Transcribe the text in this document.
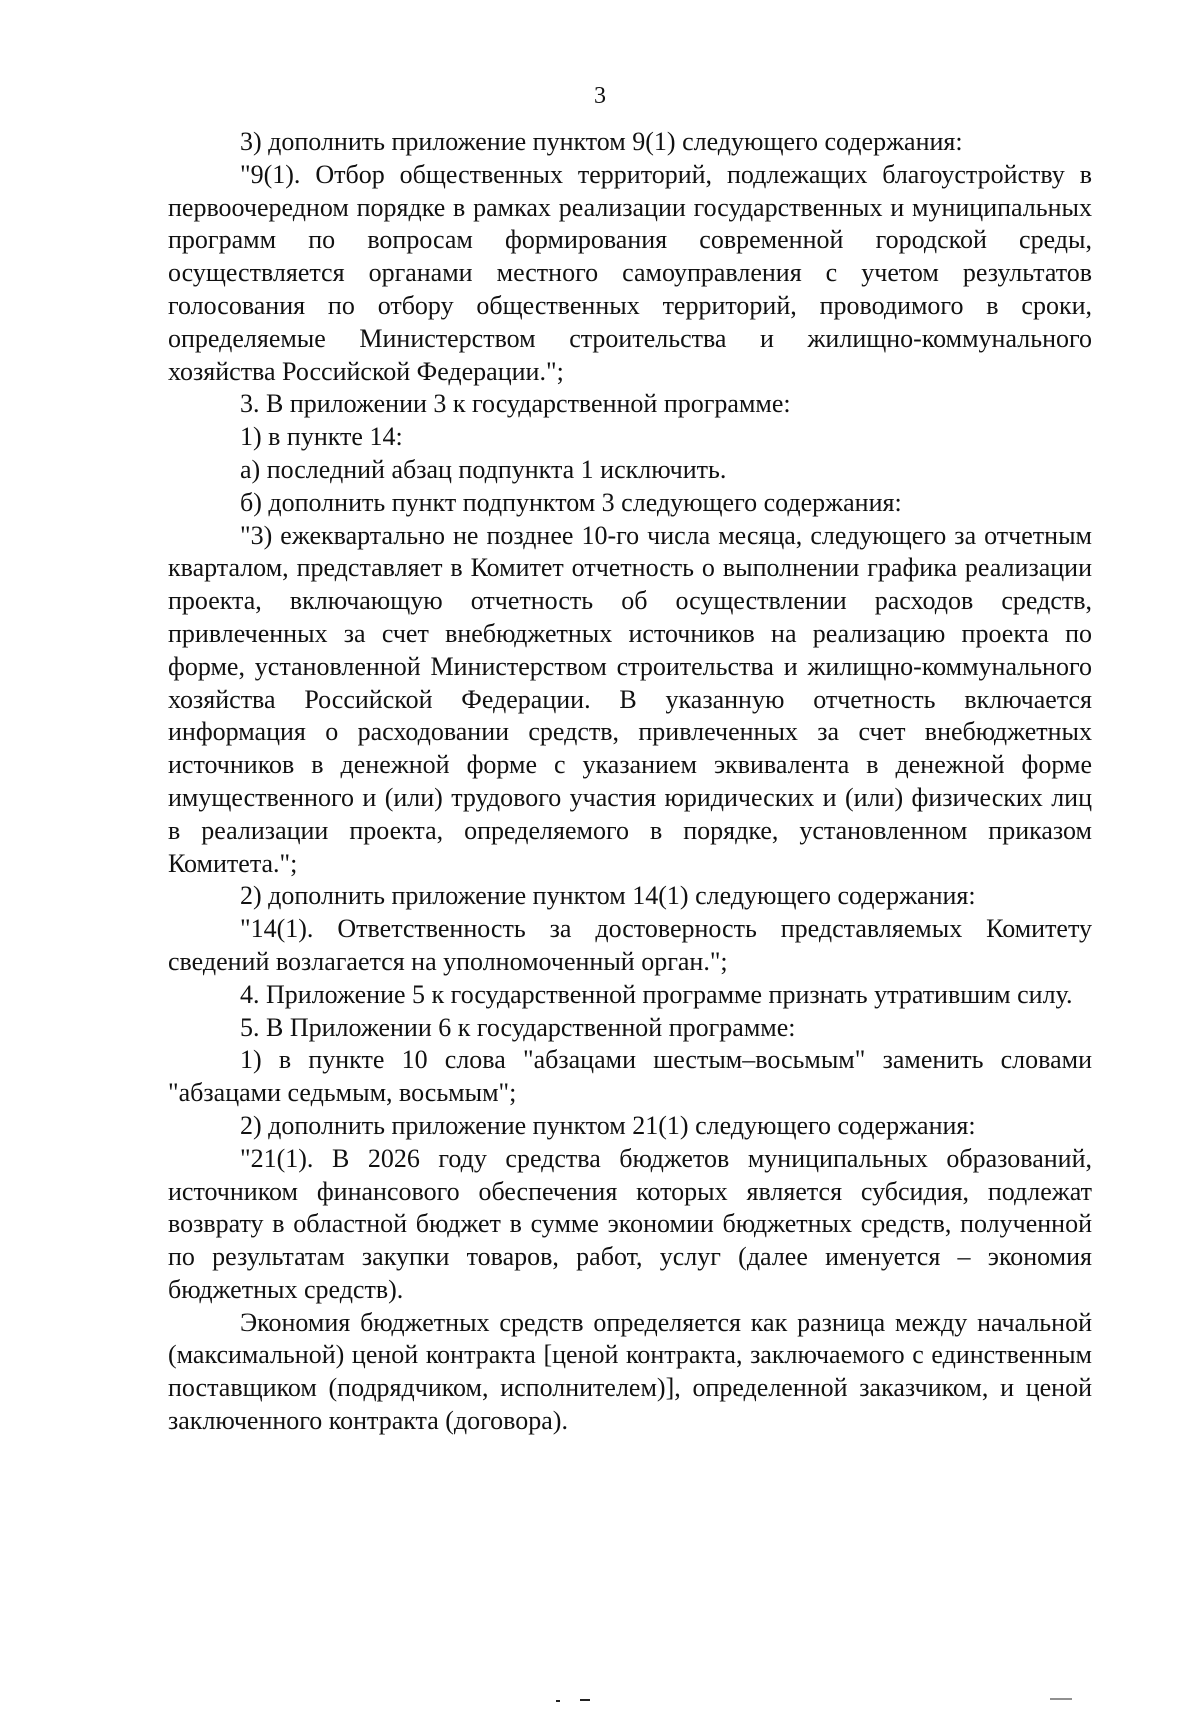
3

3) дополнить приложение пунктом 9(1) следующего содержания:

"9(1). Отбор общественных территорий, подлежащих благоустройству в первоочередном порядке в рамках реализации государственных и муниципальных программ по вопросам формирования современной городской среды, осуществляется органами местного самоуправления с учетом результатов голосования по отбору общественных территорий, проводимого в сроки, определяемые Министерством строительства и жилищно-коммунального хозяйства Российской Федерации.";

3. В приложении 3 к государственной программе:

1) в пункте 14:

а) последний абзац подпункта 1 исключить.

б) дополнить пункт подпунктом 3 следующего содержания:

"3) ежеквартально не позднее 10-го числа месяца, следующего за отчетным кварталом, представляет в Комитет отчетность о выполнении графика реализации проекта, включающую отчетность об осуществлении расходов средств, привлеченных за счет внебюджетных источников на реализацию проекта по форме, установленной Министерством строительства и жилищно-коммунального хозяйства Российской Федерации. В указанную отчетность включается информация о расходовании средств, привлеченных за счет внебюджетных источников в денежной форме с указанием эквивалента в денежной форме имущественного и (или) трудового участия юридических и (или) физических лиц в реализации проекта, определяемого в порядке, установленном приказом Комитета.";

2) дополнить приложение пунктом 14(1) следующего содержания:

"14(1). Ответственность за достоверность представляемых Комитету сведений возлагается на уполномоченный орган.";

4. Приложение 5 к государственной программе признать утратившим силу.

5. В Приложении 6 к государственной программе:

1) в пункте 10 слова "абзацами шестым–восьмым" заменить словами "абзацами седьмым, восьмым";

2) дополнить приложение пунктом 21(1) следующего содержания:

"21(1). В 2026 году средства бюджетов муниципальных образований, источником финансового обеспечения которых является субсидия, подлежат возврату в областной бюджет в сумме экономии бюджетных средств, полученной по результатам закупки товаров, работ, услуг (далее именуется – экономия бюджетных средств).

Экономия бюджетных средств определяется как разница между начальной (максимальной) ценой контракта [ценой контракта, заключаемого с единственным поставщиком (подрядчиком, исполнителем)], определенной заказчиком, и ценой заключенного контракта (договора).
